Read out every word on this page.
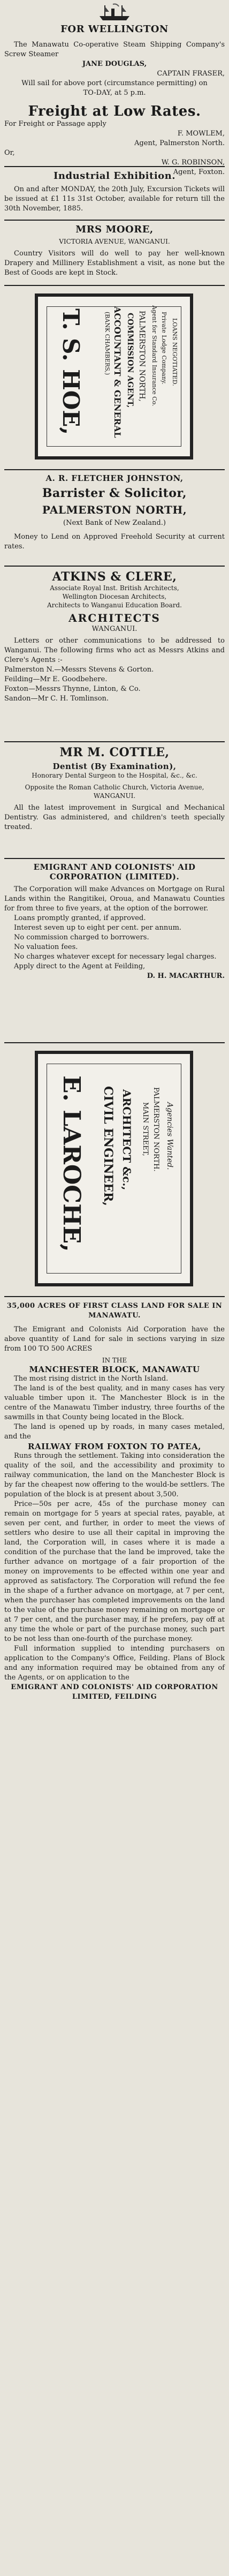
FOR WELLINGTON

The Manawatu Co-operative Steam Shipping Company's Screw Steamer

JANE DOUGLAS,

CAPTAIN FRASER,

Will sail for above port (circumstance permitting) on

TO-DAY, at 5 p.m.

Freight at Low Rates.

For Freight or Passage apply

F. MOWLEM,

Agent, Palmerston North.

Or,

W. G. ROBINSON,

Agent, Foxton.

Industrial Exhibition.

On and after MONDAY, the 20th July, Excursion Tickets will be issued at £1 11s 31st October, available for return till the 30th November, 1885.

MRS MOORE,

VICTORIA AVENUE, WANGANUI.

Country Visitors will do well to pay her well-known Drapery and Millinery Establishment a visit, as none but the Best of Goods are kept in Stock.

T. S. HOE,	(BANK CHAMBERS,) ACCOUNTANT & GENERAL COMMISSION AGENT, PALMERSTON NORTH, Agent for Standard Insurance Co. Private Lodge Company. LOANS NEGOTIATED.
A. R. FLETCHER JOHNSTON,
Barrister & Solicitor,
PALMERSTON NORTH,

(Next Bank of New Zealand.)

Money to Lend on Approved Freehold Security at current rates.

ATKINS & CLERE,

Associate Royal Inst. British Architects,

Wellington Diocesan Architects,

Architects to Wanganui Education Board.

ARCHITECTS

WANGANUI.

Letters or other communications to be addressed to Wanganui. The following firms who act as Messrs Atkins and Clere's Agents :-

Palmerston N.—Messrs Stevens & Gorton.

Feilding—Mr E. Goodbehere.

Foxton—Messrs Thynne, Linton, & Co.

Sandon—Mr C. H. Tomlinson.

MR M. COTTLE,
Dentist (By Examination),

Honorary Dental Surgeon to the Hospital, &c., &c.

Opposite the Roman Catholic Church, Victoria Avenue, WANGANUI.

All the latest improvement in Surgical and Mechanical Dentistry. Gas administered, and children's teeth specially treated.

EMIGRANT AND COLONISTS' AID
CORPORATION (LIMITED).

The Corporation will make Advances on Mortgage on Rural Lands within the Rangitikei, Oroua, and Manawatu Counties for from three to five years, at the option of the borrower.

Loans promptly granted, if approved.

Interest seven up to eight per cent. per annum.

No commission charged to borrowers.

No valuation fees.

No charges whatever except for necessary legal charges.

Apply direct to the Agent at Feilding,

D. H. MACARTHUR.

E. LAROCHE, CIVIL ENGINEER, ARCHITECT &c., MAIN STREET, PALMERSTON NORTH. Agencies Wanted.
35,000 ACRES OF FIRST CLASS LAND FOR SALE IN MANAWATU.

The Emigrant and Colonists Aid Corporation have the above quantity of Land for sale in sections varying in size from 100 TO 500 ACRES

IN THE

MANCHESTER BLOCK, MANAWATU

The most rising district in the North Island.

The land is of the best quality, and in many cases has very valuable timber upon it. The Manchester Block is in the centre of the Manawatu Timber industry, three fourths of the sawmills in that County being located in the Block.

The land is opened up by roads, in many cases metaled, and the

RAILWAY FROM FOXTON TO PATEA,

Runs through the settlement. Taking into consideration the quality of the soil, and the accessibility and proximity to railway communication, the land on the Manchester Block is by far the cheapest now offering to the would-be settlers. The population of the block is at present about 3,500.

Price—50s per acre, 45s of the purchase money can remain on mortgage for 5 years at special rates, payable, at seven per cent, and further, in order to meet the views of settlers who desire to use all their capital in improving the land, the Corporation will, in cases where it is made a condition of the purchase that the land be improved, take the further advance on mortgage of a fair proportion of the money on improvements to be effected within one year and approved as satisfactory. The Corporation will refund the fee in the shape of a further advance on mortgage, at 7 per cent, when the purchaser has completed improvements on the land to the value of the purchase money remaining on mortgage or at 7 per cent, and the purchaser may, if he prefers, pay off at any time the whole or part of the purchase money, such part to be not less than one-fourth of the purchase money.

Full information supplied to intending purchasers on application to the Company's Office, Feilding. Plans of Block and any information required may be obtained from any of the Agents, or on application to the

EMIGRANT AND COLONISTS' AID CORPORATION LIMITED, FEILDING
